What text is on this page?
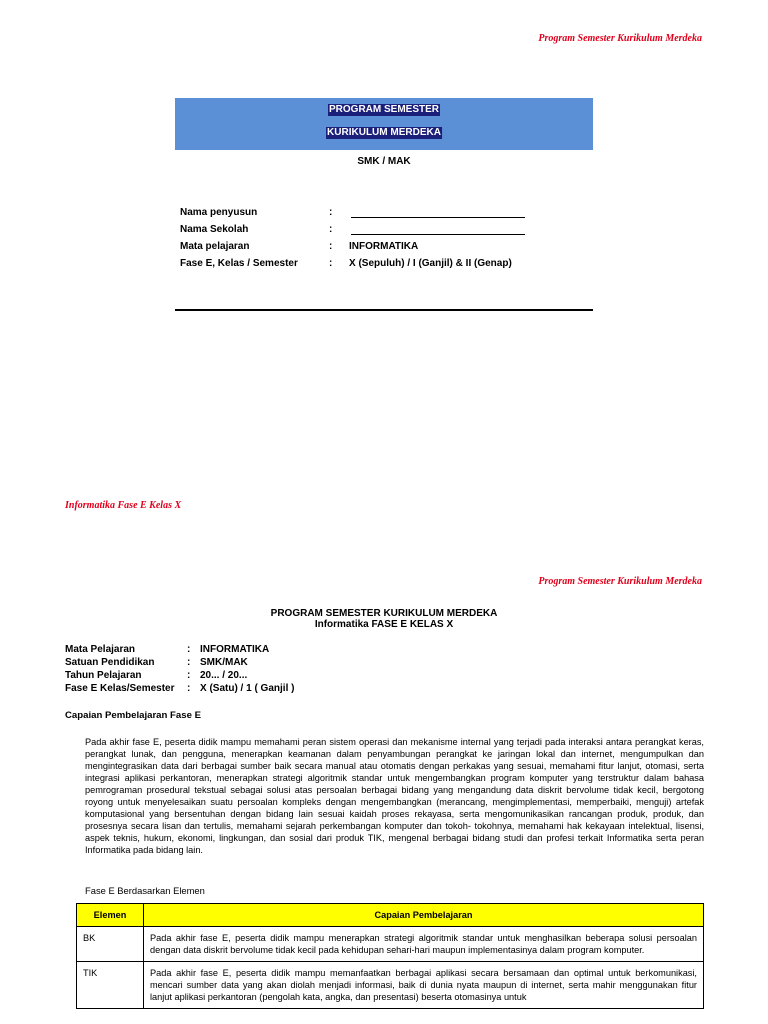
Program Semester Kurikulum Merdeka
PROGRAM SEMESTER
KURIKULUM MERDEKA
SMK / MAK
Nama penyusun	:
Nama Sekolah	:
Mata pelajaran	: INFORMATIKA
Fase E, Kelas / Semester	: X (Sepuluh) / I (Ganjil) & II (Genap)
Informatika Fase E Kelas X
Program Semester Kurikulum Merdeka
PROGRAM SEMESTER KURIKULUM MERDEKA
Informatika FASE E KELAS X
Mata Pelajaran	: INFORMATIKA
Satuan Pendidikan	: SMK/MAK
Tahun Pelajaran	: 20... / 20...
Fase E Kelas/Semester : X (Satu) / 1 ( Ganjil )
Capaian Pembelajaran Fase E
Pada akhir fase E, peserta didik mampu memahami peran sistem operasi dan mekanisme internal yang terjadi pada interaksi antara perangkat keras, perangkat lunak, dan pengguna, menerapkan keamanan dalam penyambungan perangkat ke jaringan lokal dan internet, mengumpulkan dan mengintegrasikan data dari berbagai sumber baik secara manual atau otomatis dengan perkakas yang sesuai, memahami fitur lanjut, otomasi, serta integrasi aplikasi perkantoran, menerapkan strategi algoritmik standar untuk mengembangkan program komputer yang terstruktur dalam bahasa pemrograman prosedural tekstual sebagai solusi atas persoalan berbagai bidang yang mengandung data diskrit bervolume tidak kecil, bergotong royong untuk menyelesaikan suatu persoalan kompleks dengan mengembangkan (merancang, mengimplementasi, memperbaiki, menguji) artefak komputasional yang bersentuhan dengan bidang lain sesuai kaidah proses rekayasa, serta mengomunikasikan rancangan produk, produk, dan prosesnya secara lisan dan tertulis, memahami sejarah perkembangan komputer dan tokoh- tokohnya, memahami hak kekayaan intelektual, lisensi, aspek teknis, hukum, ekonomi, lingkungan, dan sosial dari produk TIK, mengenal berbagai bidang studi dan profesi terkait Informatika serta peran Informatika pada bidang lain.
Fase E Berdasarkan Elemen
Elemen	Capaian Pembelajaran
BK	Pada akhir fase E, peserta didik mampu menerapkan strategi algoritmik standar untuk menghasilkan beberapa solusi persoalan dengan data diskrit bervolume tidak kecil pada kehidupan sehari-hari maupun implementasinya dalam program komputer.
TIK	Pada akhir fase E, peserta didik mampu memanfaatkan berbagai aplikasi secara bersamaan dan optimal untuk berkomunikasi, mencari sumber data yang akan diolah menjadi informasi, baik di dunia nyata maupun di internet, serta mahir menggunakan fitur lanjut aplikasi perkantoran (pengolah kata, angka, dan presentasi) beserta otomasinya untuk
